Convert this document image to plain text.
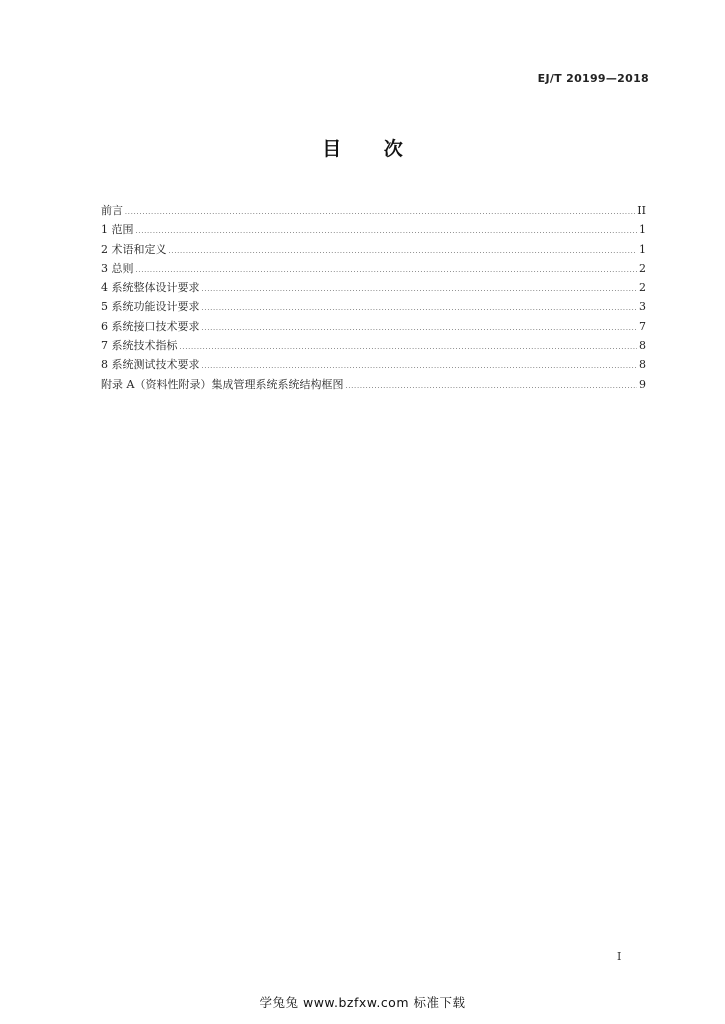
EJ/T 20199—2018
目 次
前言 .....	II
1 范围 .....	1
2 术语和定义 .....	1
3 总则 .....	2
4 系统整体设计要求 .....	2
5 系统功能设计要求 .....	3
6 系统接口技术要求 .....	7
7 系统技术指标 .....	8
8 系统测试技术要求 .....	8
附录 A（资料性附录）集成管理系统系统结构框图 .....	9
I
学兔兔 www.bzfxw.com 标准下载
